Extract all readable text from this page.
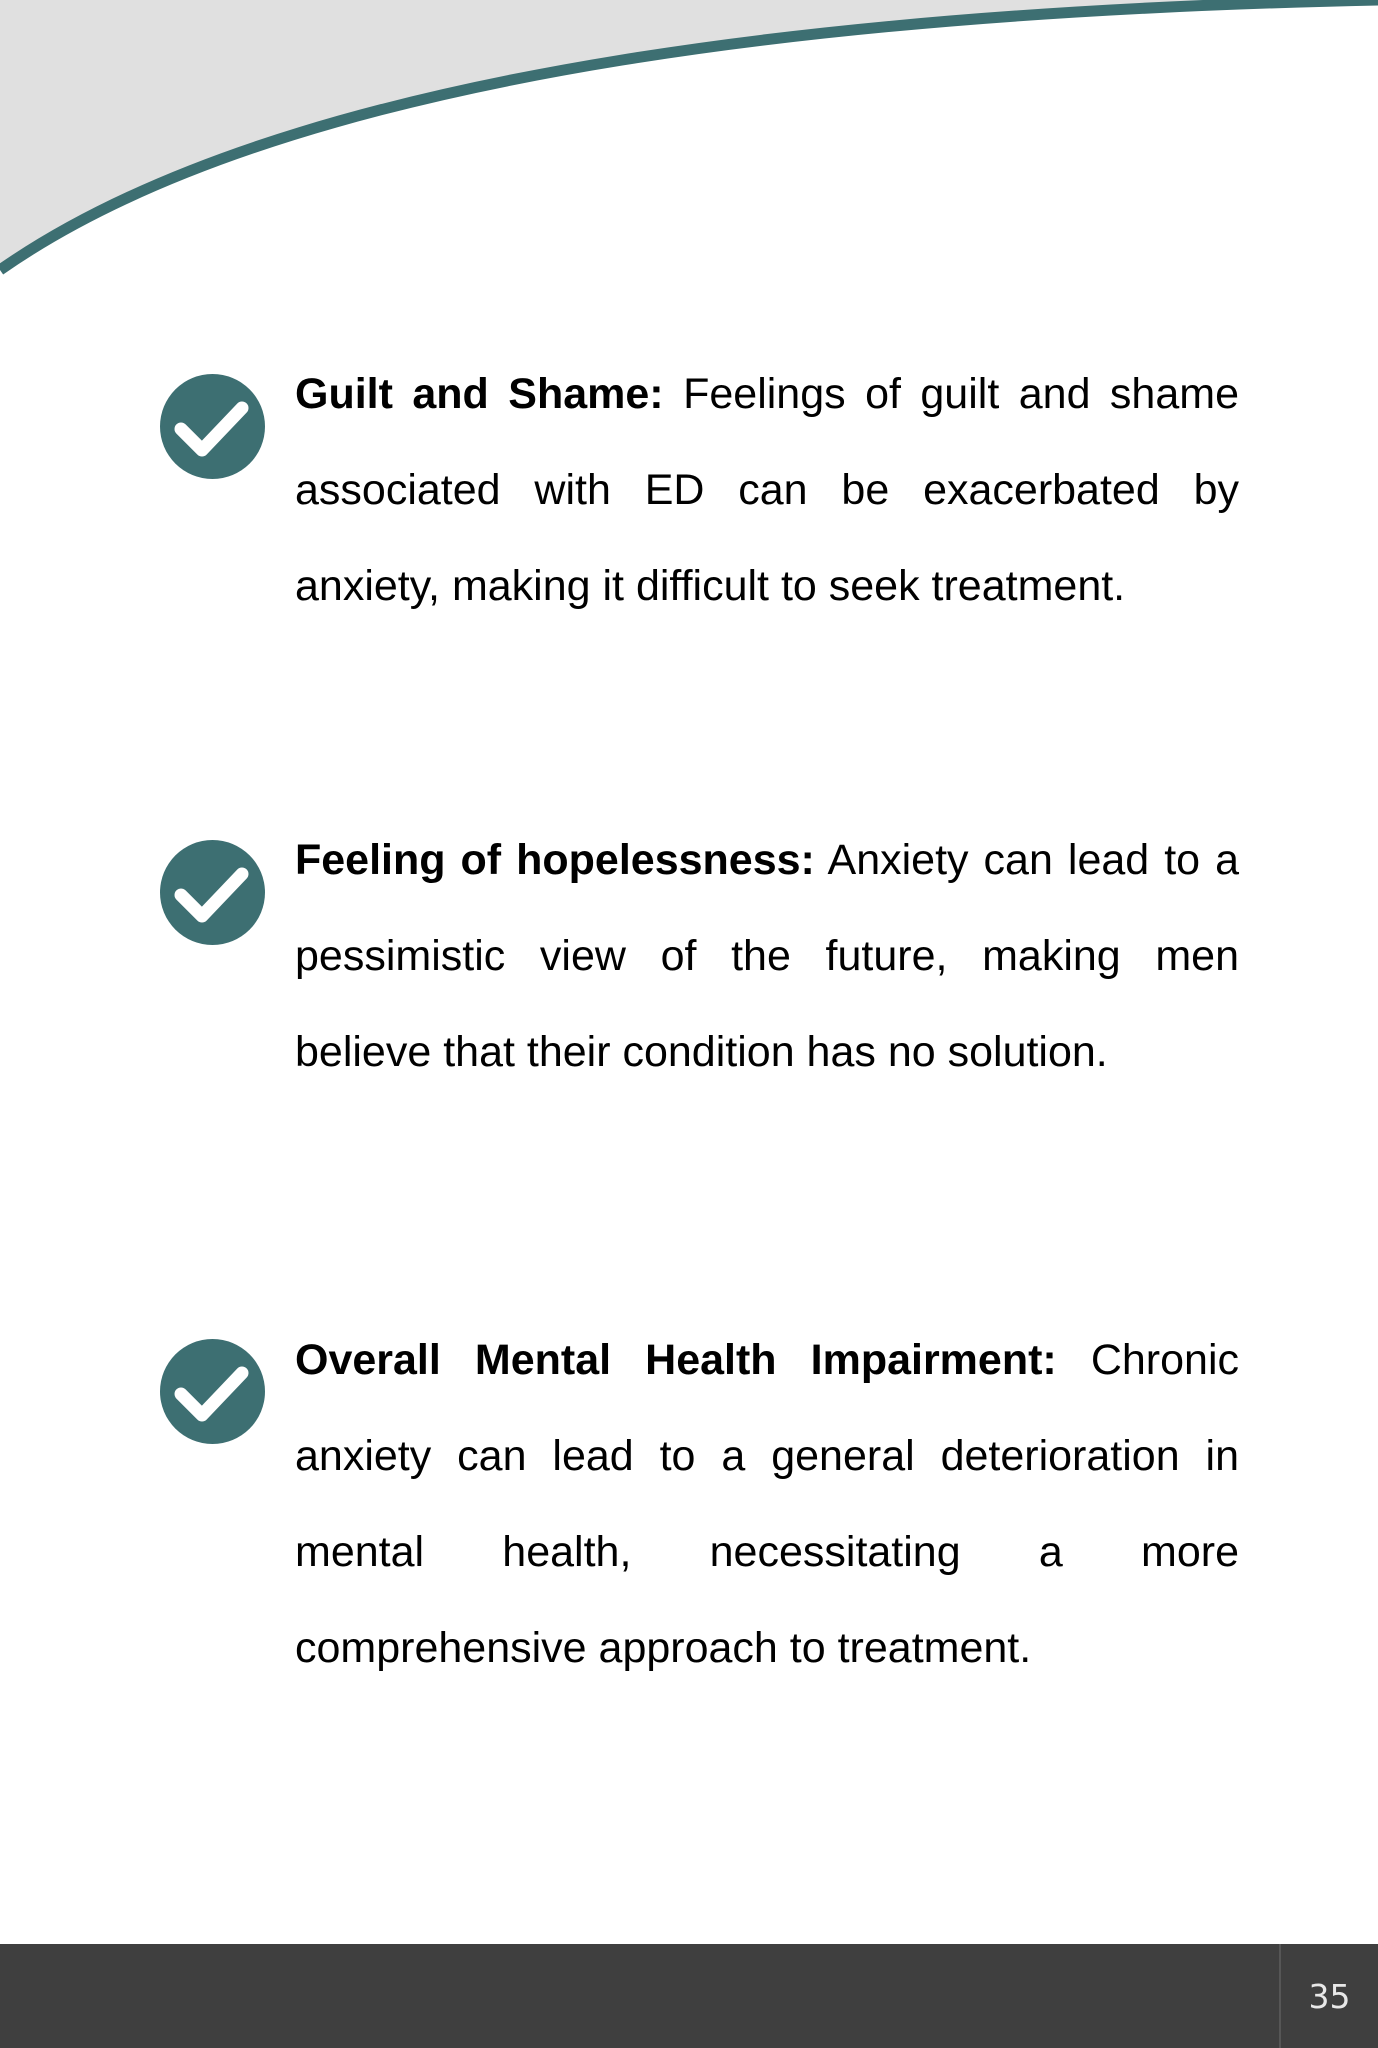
Guilt and Shame: Feelings of guilt and shame associated with ED can be exacerbated by anxiety, making it difficult to seek treatment.

Feeling of hopelessness: Anxiety can lead to a pessimistic view of the future, making men believe that their condition has no solution.

Overall Mental Health Impairment: Chronic anxiety can lead to a general deterioration in mental health, necessitating a more comprehensive approach to treatment.

35
